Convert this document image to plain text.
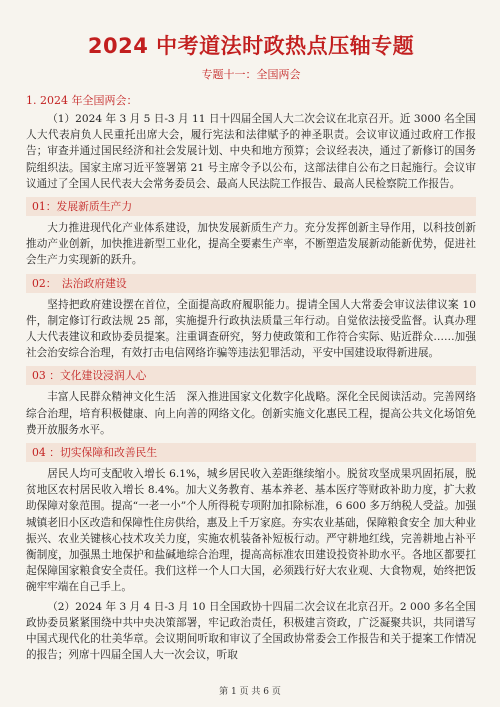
2024 中考道法时政热点压轴专题
专题十一：全国两会
1. 2024 年全国两会：

（1）2024 年 3 月 5 日-3 月 11 日十四届全国人大二次会议在北京召开。近 3000 名全国人大代表肩负人民重托出席大会，履行宪法和法律赋予的神圣职责。会议审议通过政府工作报告；审查并通过国民经济和社会发展计划、中央和地方预算；会议经表决，通过了新修订的国务院组织法。国家主席习近平签署第 21 号主席令予以公布，这部法律自公布之日起施行。会议审议通过了全国人民代表大会常务委员会、最高人民法院工作报告、最高人民检察院工作报告。

01：发展新质生产力

大力推进现代化产业体系建设，加快发展新质生产力。充分发挥创新主导作用，以科技创新推动产业创新，加快推进新型工业化，提高全要素生产率，不断塑造发展新动能新优势，促进社会生产力实现新的跃升。

02：　法治政府建设

坚持把政府建设摆在首位，全面提高政府履职能力。提请全国人大常委会审议法律议案 10 件，制定修订行政法规 25 部，实施提升行政执法质量三年行动。自觉依法接受监督。认真办理人大代表建议和政协委员提案。注重调查研究，努力使政策和工作符合实际、贴近群众……加强社会治安综合治理，有效打击电信网络诈骗等违法犯罪活动，平安中国建设取得新进展。

03 ：文化建设浸润人心

丰富人民群众精神文化生活　深入推进国家文化数字化战略。深化全民阅读活动。完善网络综合治理，培育积极健康、向上向善的网络文化。创新实施文化惠民工程，提高公共文化场馆免费开放服务水平。

04 ：切实保障和改善民生

居民人均可支配收入增长 6.1%，城乡居民收入差距继续缩小。脱贫攻坚成果巩固拓展，脱贫地区农村居民收入增长 8.4%。加大义务教育、基本养老、基本医疗等财政补助力度，扩大救助保障对象范围。提高“一老一小”个人所得税专项附加扣除标准，6 600 多万纳税人受益。加强城镇老旧小区改造和保障性住房供给，惠及上千万家庭。夯实农业基础，保障粮食安全 加大种业振兴、农业关键核心技术攻关力度，实施农机装备补短板行动。严守耕地红线，完善耕地占补平衡制度，加强黑土地保护和盐碱地综合治理，提高高标准农田建设投资补助水平。各地区都要扛起保障国家粮食安全责任。我们这样一个人口大国，必须践行好大农业观、大食物观，始终把饭碗牢牢端在自己手上。

（2）2024 年 3 月 4 日-3 月 10 日全国政协十四届二次会议在北京召开。2 000 多名全国政协委员紧紧围绕中共中央决策部署，牢记政治责任，积极建言资政，广泛凝聚共识，共同谱写中国式现代化的壮美华章。会议期间听取和审议了全国政协常委会工作报告和关于提案工作情况的报告；列席十四届全国人大一次会议，听取

第 1 页 共 6 页
